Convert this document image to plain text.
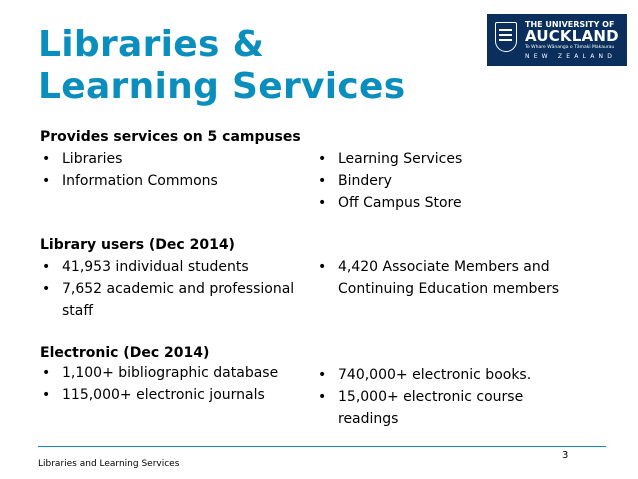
Libraries &
Learning Services
THE UNIVERSITY OF
AUCKLAND
Te Whare Wānanga o Tāmaki Makaurau
NEW ZEALAND
Provides services on 5 campuses
• Libraries
• Information Commons
• Learning Services
• Bindery
• Off Campus Store
Library users (Dec 2014)
• 41,953 individual students
• 7,652 academic and professional staff
• 4,420 Associate Members and Continuing Education members
Electronic (Dec 2014)
• 1,100+ bibliographic database
• 115,000+ electronic journals
• 740,000+ electronic books.
• 15,000+ electronic course readings
Libraries and Learning Services
3
